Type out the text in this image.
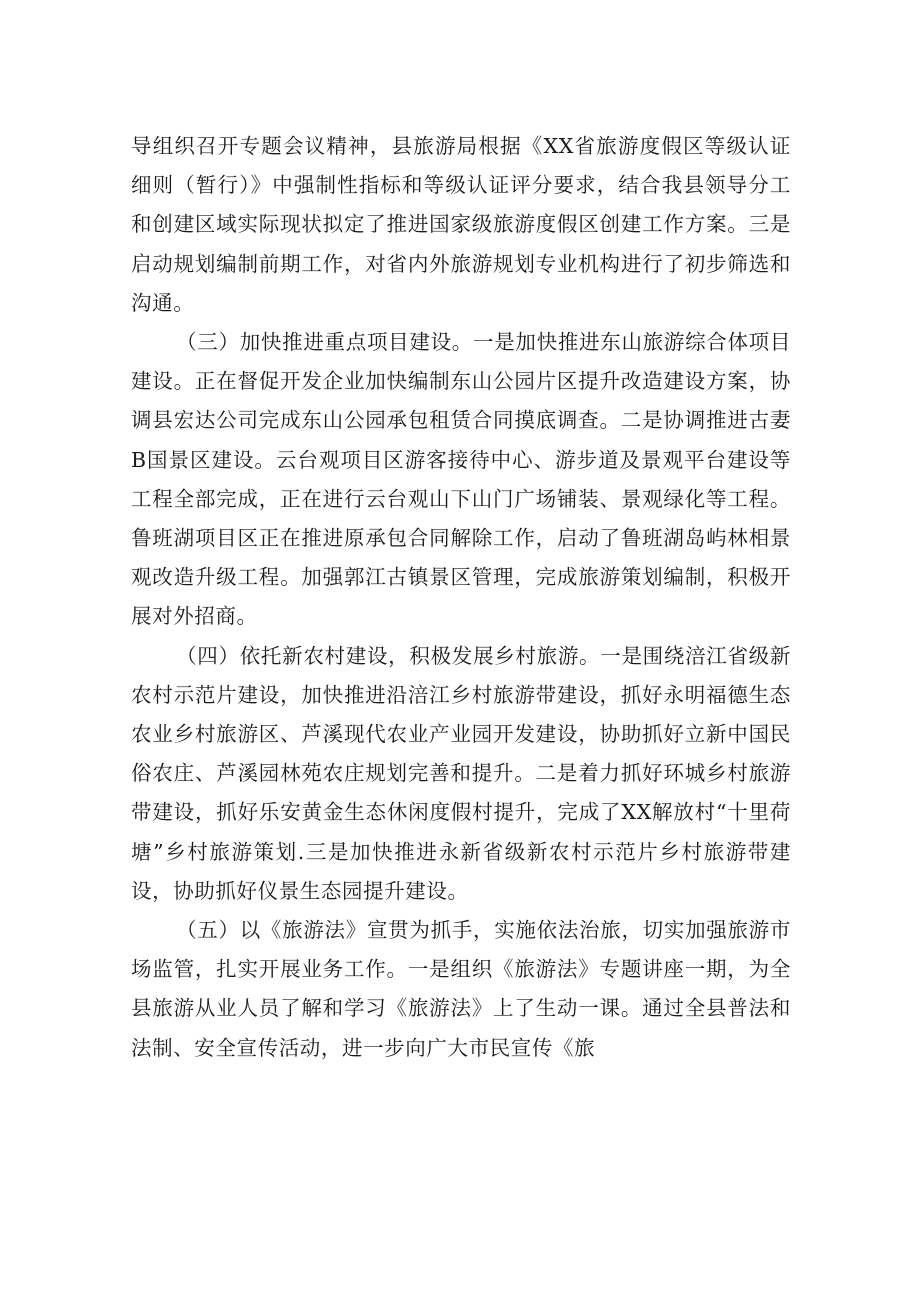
导组织召开专题会议精神，县旅游局根据《XX省旅游度假区等级认证细则（暂行）》中强制性指标和等级认证评分要求，结合我县领导分工和创建区域实际现状拟定了推进国家级旅游度假区创建工作方案。三是启动规划编制前期工作，对省内外旅游规划专业机构进行了初步筛选和沟通。

（三）加快推进重点项目建设。一是加快推进东山旅游综合体项目建设。正在督促开发企业加快编制东山公园片区提升改造建设方案，协调县宏达公司完成东山公园承包租赁合同摸底调查。二是协调推进古妻B国景区建设。云台观项目区游客接待中心、游步道及景观平台建设等工程全部完成，正在进行云台观山下山门广场铺装、景观绿化等工程。鲁班湖项目区正在推进原承包合同解除工作，启动了鲁班湖岛屿林相景观改造升级工程。加强郭江古镇景区管理，完成旅游策划编制，积极开展对外招商。

（四）依托新农村建设，积极发展乡村旅游。一是围绕涪江省级新农村示范片建设，加快推进沿涪江乡村旅游带建设，抓好永明福德生态农业乡村旅游区、芦溪现代农业产业园开发建设，协助抓好立新中国民俗农庄、芦溪园林苑农庄规划完善和提升。二是着力抓好环城乡村旅游带建设，抓好乐安黄金生态休闲度假村提升，完成了XX解放村“十里荷塘”乡村旅游策划.三是加快推进永新省级新农村示范片乡村旅游带建设，协助抓好仪景生态园提升建设。

（五）以《旅游法》宣贯为抓手，实施依法治旅，切实加强旅游市场监管，扎实开展业务工作。一是组织《旅游法》专题讲座一期，为全县旅游从业人员了解和学习《旅游法》上了生动一课。通过全县普法和法制、安全宣传活动，进一步向广大市民宣传《旅
